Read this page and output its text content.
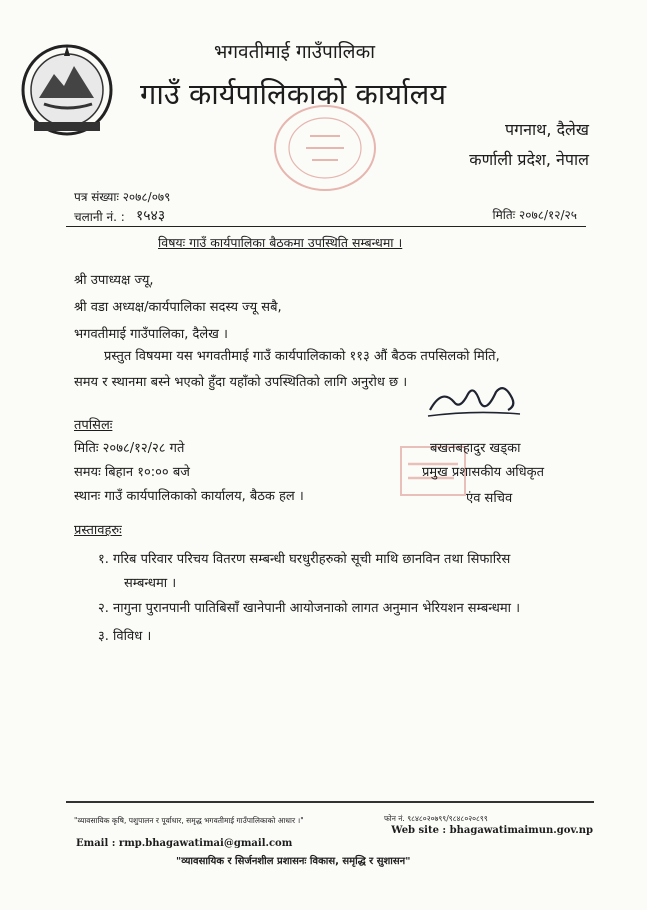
भगवतीमाई गाउँपालिका
गाउँ कार्यपालिकाको कार्यालय
पगनाथ, दैलेख
कर्णाली प्रदेश, नेपाल
पत्र संख्याः २०७८/०७९
चलानी नं. : १५४३	मितिः २०७८/१२/२५
विषयः गाउँ कार्यपालिका बैठकमा उपस्थिति सम्बन्धमा ।
श्री उपाध्यक्ष ज्यू,
श्री वडा अध्यक्ष/कार्यपालिका सदस्य ज्यू सबै,
भगवतीमाई गाउँपालिका, दैलेख ।
प्रस्तुत विषयमा यस भगवतीमाई गाउँ कार्यपालिकाको ११३ औं बैठक तपसिलको मिति,
समय र स्थानमा बस्ने भएको हुँदा यहाँको उपस्थितिको लागि अनुरोध छ ।
तपसिलः
मितिः २०७८/१२/२८ गते
समयः बिहान १०:०० बजे
स्थानः गाउँ कार्यपालिकाको कार्यालय, बैठक हल ।
बखतबहादुर खड्का
प्रमुख प्रशासकीय अधिकृत
एंव सचिव
प्रस्तावहरुः
१. गरिब परिवार परिचय वितरण सम्बन्धी घरधुरीहरुको सूची माथि छानविन तथा सिफारिस
सम्बन्धमा ।
२. नागुना पुरानपानी पातिबिसाँ खानेपानी आयोजनाको लागत अनुमान भेरियशन सम्बन्धमा ।
३. विविध ।
"व्यावसायिक कृषि, पशुपालन र पूर्वाधार, समृद्ध भगवतीमाई गाउँपालिकाको आधार ।"	फोन नं. ९८४८०२०७९९/९८४८०२०८९९
Web site : bhagawatimaimun.gov.np
Email : rmp.bhagawatimai@gmail.com
"व्यावसायिक र सिर्जनशील प्रशासनः विकास, समृद्धि र सुशासन"
